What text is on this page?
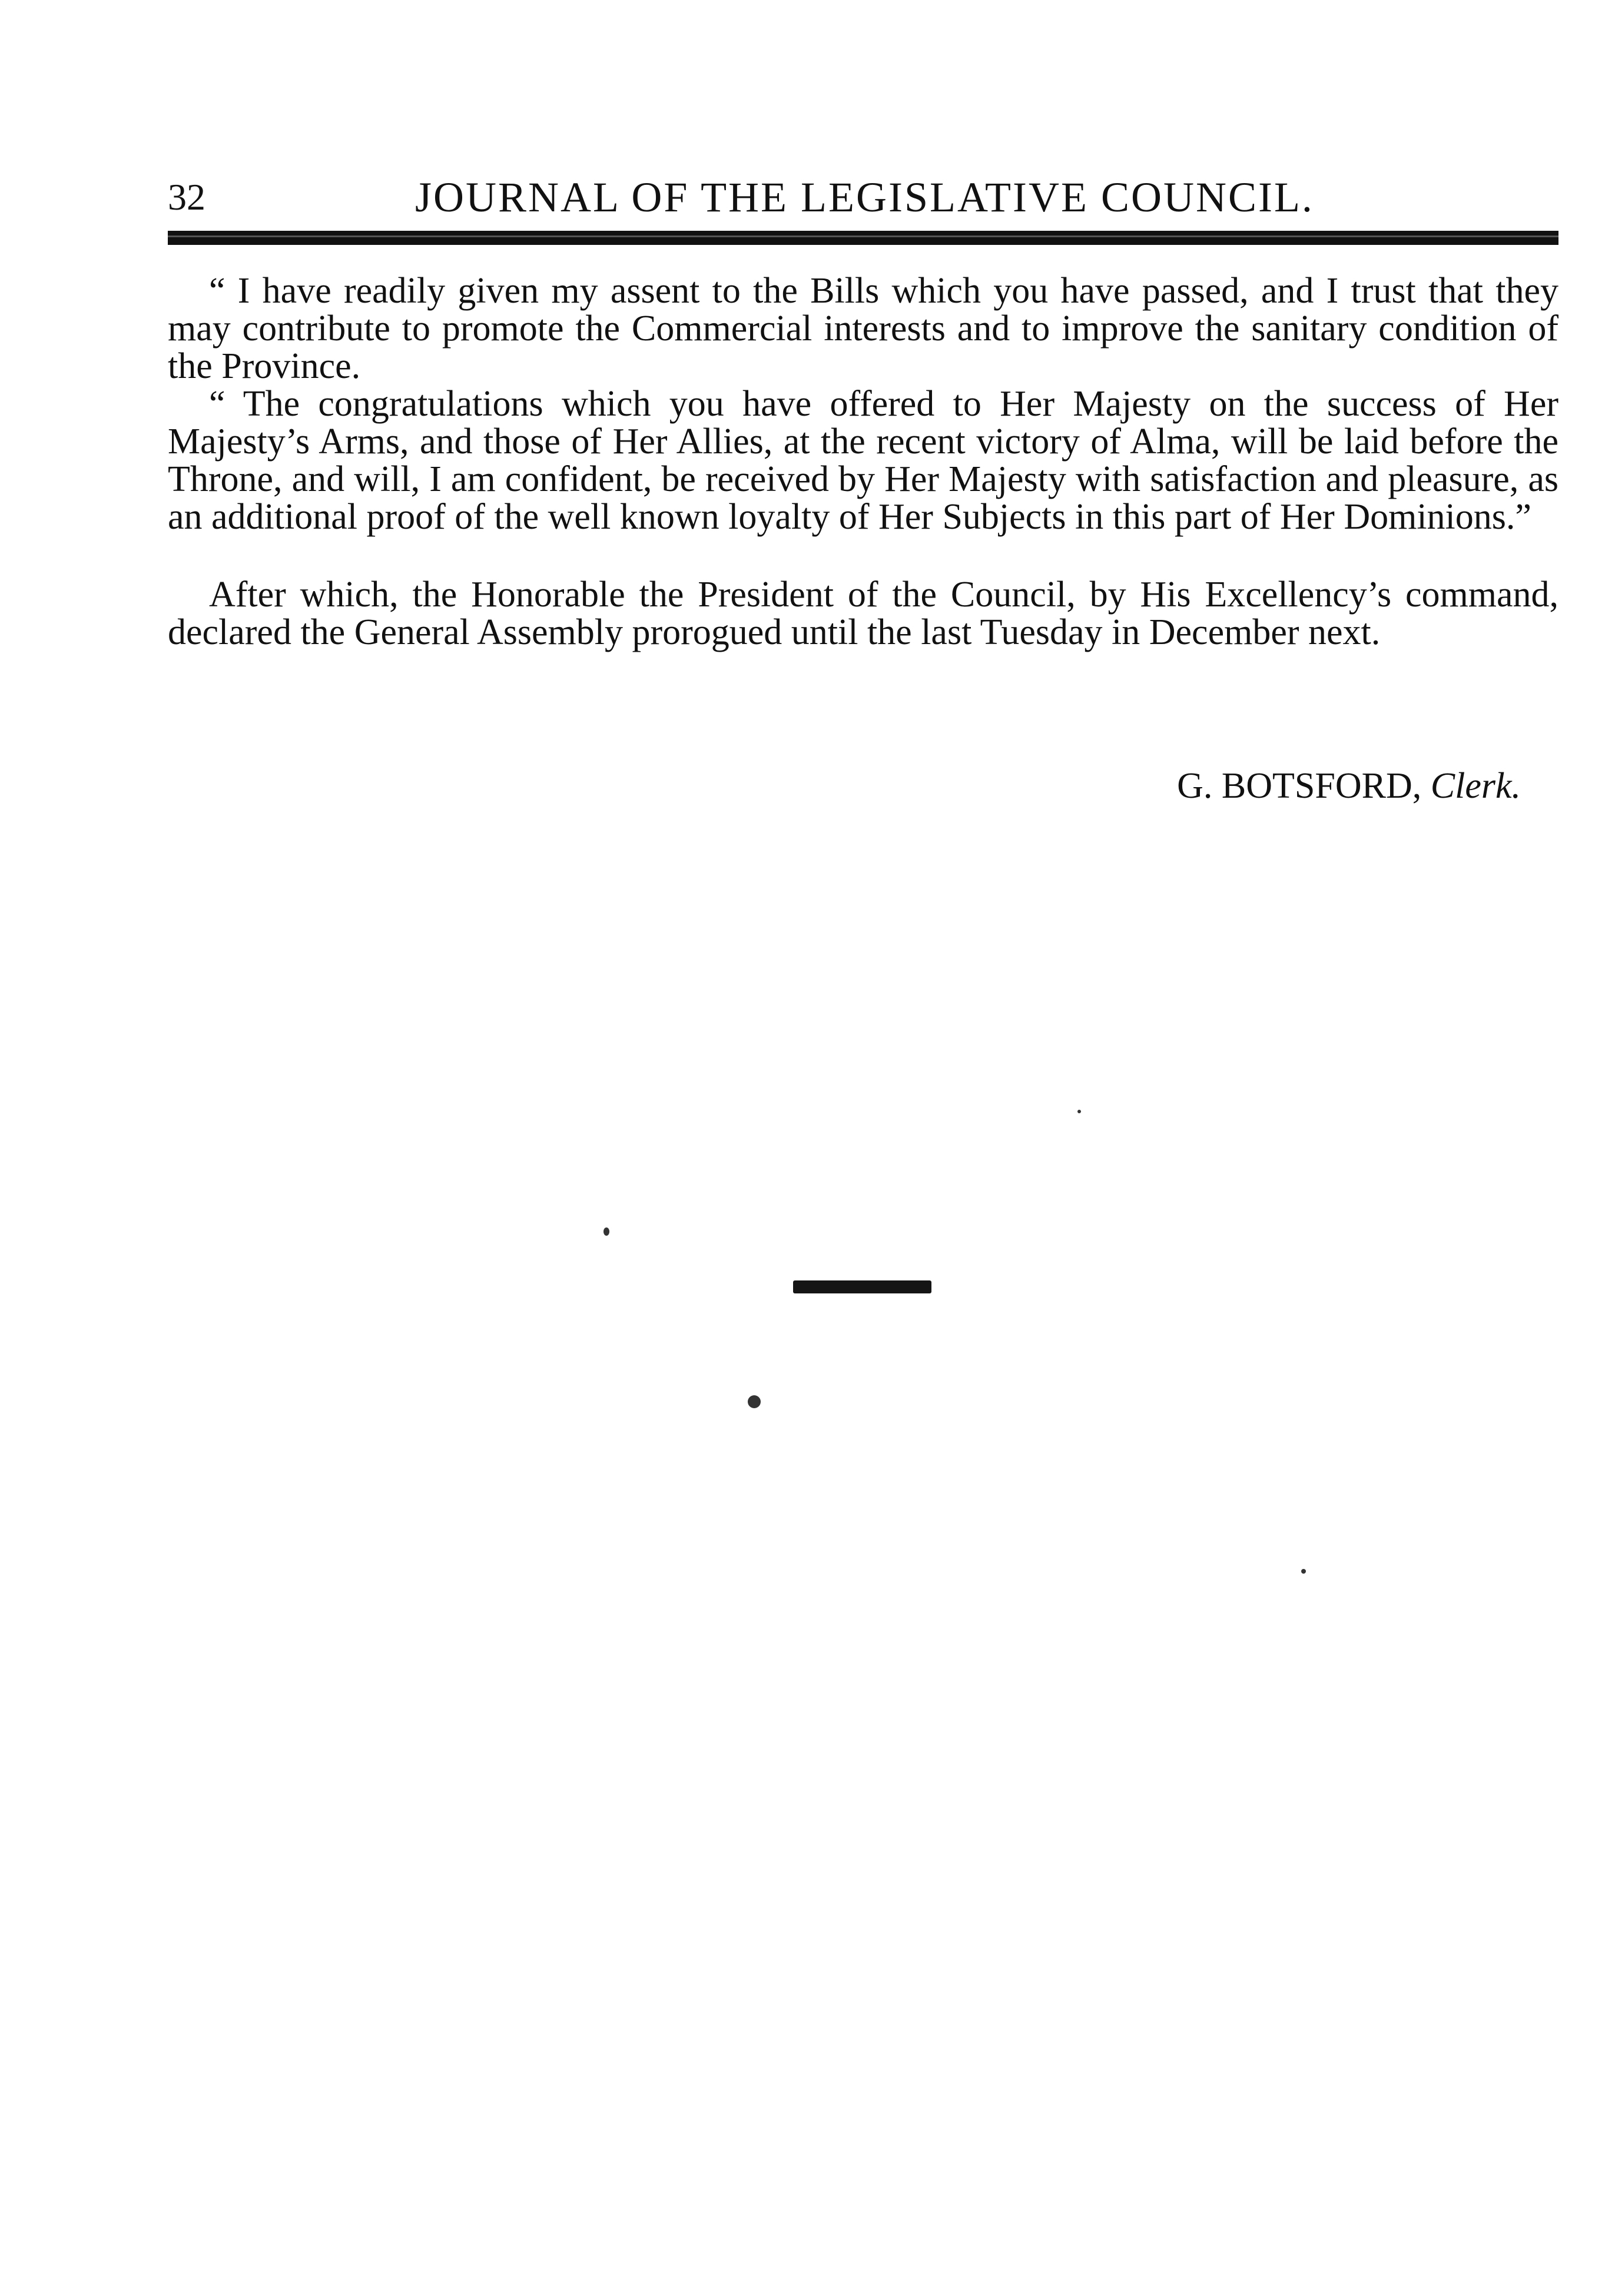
32	JOURNAL OF THE LEGISLATIVE COUNCIL.

“ I have readily given my assent to the Bills which you have passed, and I trust that they may contribute to promote the Commercial interests and to improve the sanitary condition of the Province.

“ The congratulations which you have offered to Her Majesty on the success of Her Majesty’s Arms, and those of Her Allies, at the recent victory of Alma, will be laid before the Throne, and will, I am confident, be received by Her Majesty with satisfaction and pleasure, as an additional proof of the well known loyalty of Her Subjects in this part of Her Dominions.”

After which, the Honorable the President of the Council, by His Excellency’s command, declared the General Assembly prorogued until the last Tuesday in December next.

G. BOTSFORD, Clerk.
